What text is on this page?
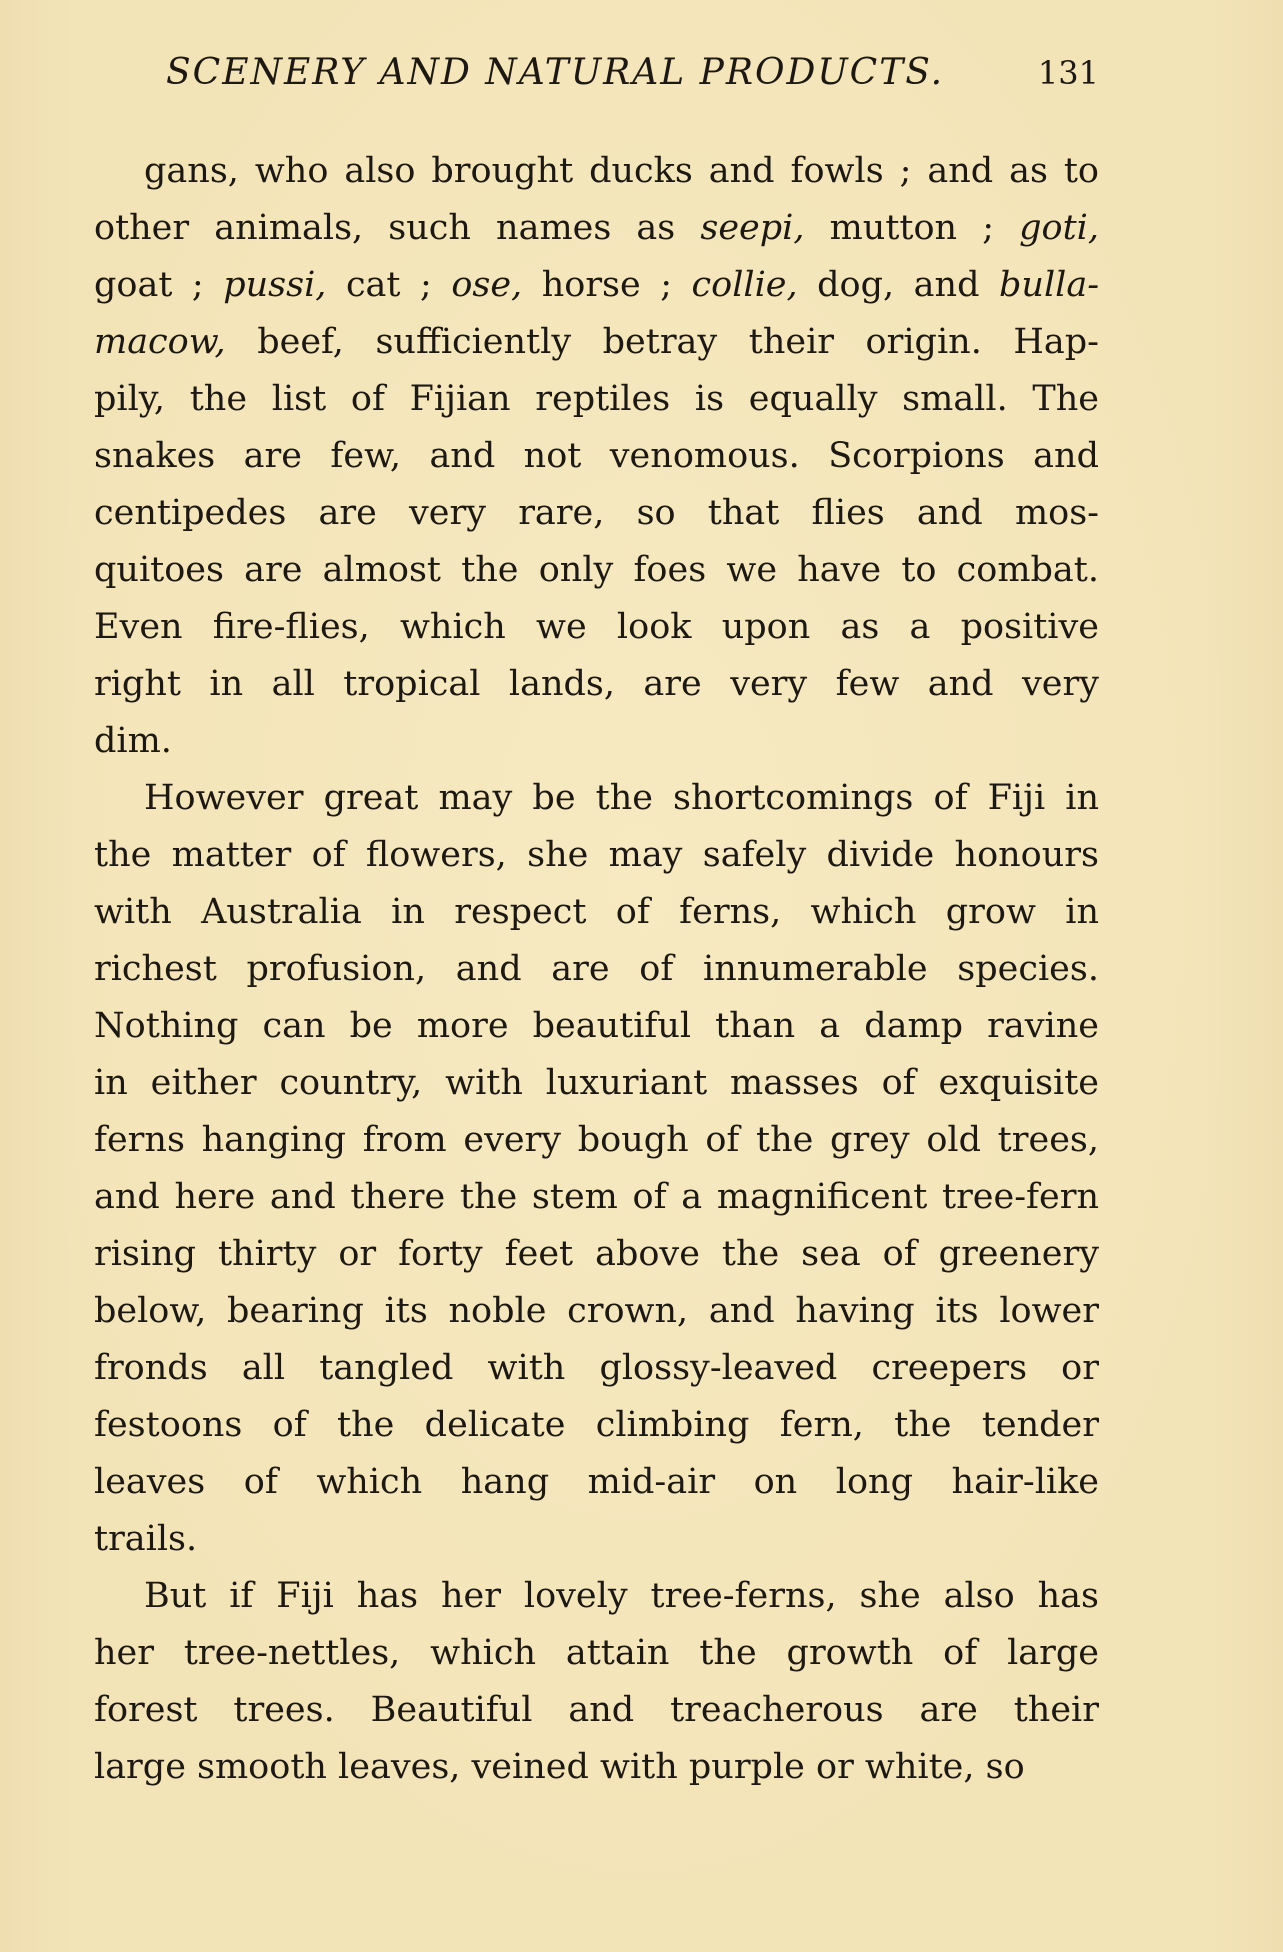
SCENERY AND NATURAL PRODUCTS.	131
gans, who also brought ducks and fowls ; and as to
other animals, such names as seepi, mutton ; goti,
goat ; pussi, cat ; ose, horse ; collie, dog, and bulla-
macow, beef, sufficiently betray their origin. Hap-
pily, the list of Fijian reptiles is equally small. The
snakes are few, and not venomous. Scorpions and
centipedes are very rare, so that flies and mos-
quitoes are almost the only foes we have to combat.
Even fire-flies, which we look upon as a positive
right in all tropical lands, are very few and very
dim.
However great may be the shortcomings of Fiji in
the matter of flowers, she may safely divide honours
with Australia in respect of ferns, which grow in
richest profusion, and are of innumerable species.
Nothing can be more beautiful than a damp ravine
in either country, with luxuriant masses of exquisite
ferns hanging from every bough of the grey old trees,
and here and there the stem of a magnificent tree-fern
rising thirty or forty feet above the sea of greenery
below, bearing its noble crown, and having its lower
fronds all tangled with glossy-leaved creepers or
festoons of the delicate climbing fern, the tender
leaves of which hang mid-air on long hair-like
trails.
But if Fiji has her lovely tree-ferns, she also has
her tree-nettles, which attain the growth of large
forest trees. Beautiful and treacherous are their
large smooth leaves, veined with purple or white, so
